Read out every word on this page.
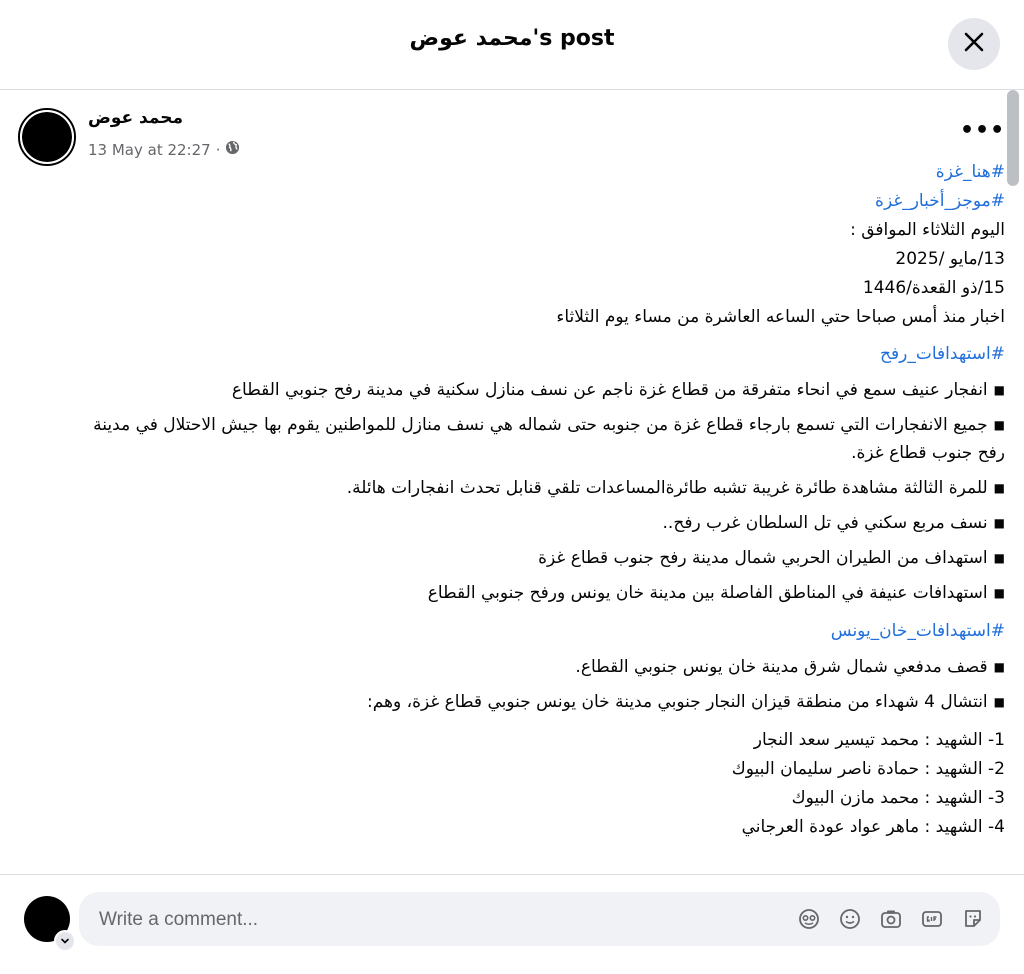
s post'محمد عوض
محمد عوض
13 May at 22:27 ·
•••
#هنا_غزة
#موجز_أخبار_غزة
اليوم الثلاثاء الموافق :
13/مايو /2025
15/ذو القعدة/1446
اخبار منذ أمس صباحا حتي الساعه العاشرة من مساء يوم الثلاثاء
#استهدافات_رفح
■انفجار عنيف سمع في انحاء متفرقة من قطاع غزة ناجم عن نسف منازل سكنية في مدينة رفح جنوبي القطاع
■جميع الانفجارات التي تسمع بارجاء قطاع غزة من جنوبه حتى شماله هي نسف منازل للمواطنين يقوم بها جيش الاحتلال في مدينة رفح جنوب قطاع غزة.
■للمرة الثالثة مشاهدة طائرة غريبة تشبه طائرةالمساعدات تلقي قنابل تحدث انفجارات هائلة.
■نسف مربع سكني في تل السلطان غرب رفح..
■استهداف من الطيران الحربي شمال مدينة رفح جنوب قطاع غزة
■استهدافات عنيفة في المناطق الفاصلة بين مدينة خان يونس ورفح جنوبي القطاع
#استهدافات_خان_يونس
■قصف مدفعي شمال شرق مدينة خان يونس جنوبي القطاع.
■انتشال 4 شهداء من منطقة قيزان النجار جنوبي مدينة خان يونس جنوبي قطاع غزة، وهم:
1- الشهيد : محمد تيسير سعد النجار
2- الشهيد : حمادة ناصر سليمان البيوك
3- الشهيد : محمد مازن البيوك
4- الشهيد : ماهر عواد عودة العرجاني
Write a comment...
